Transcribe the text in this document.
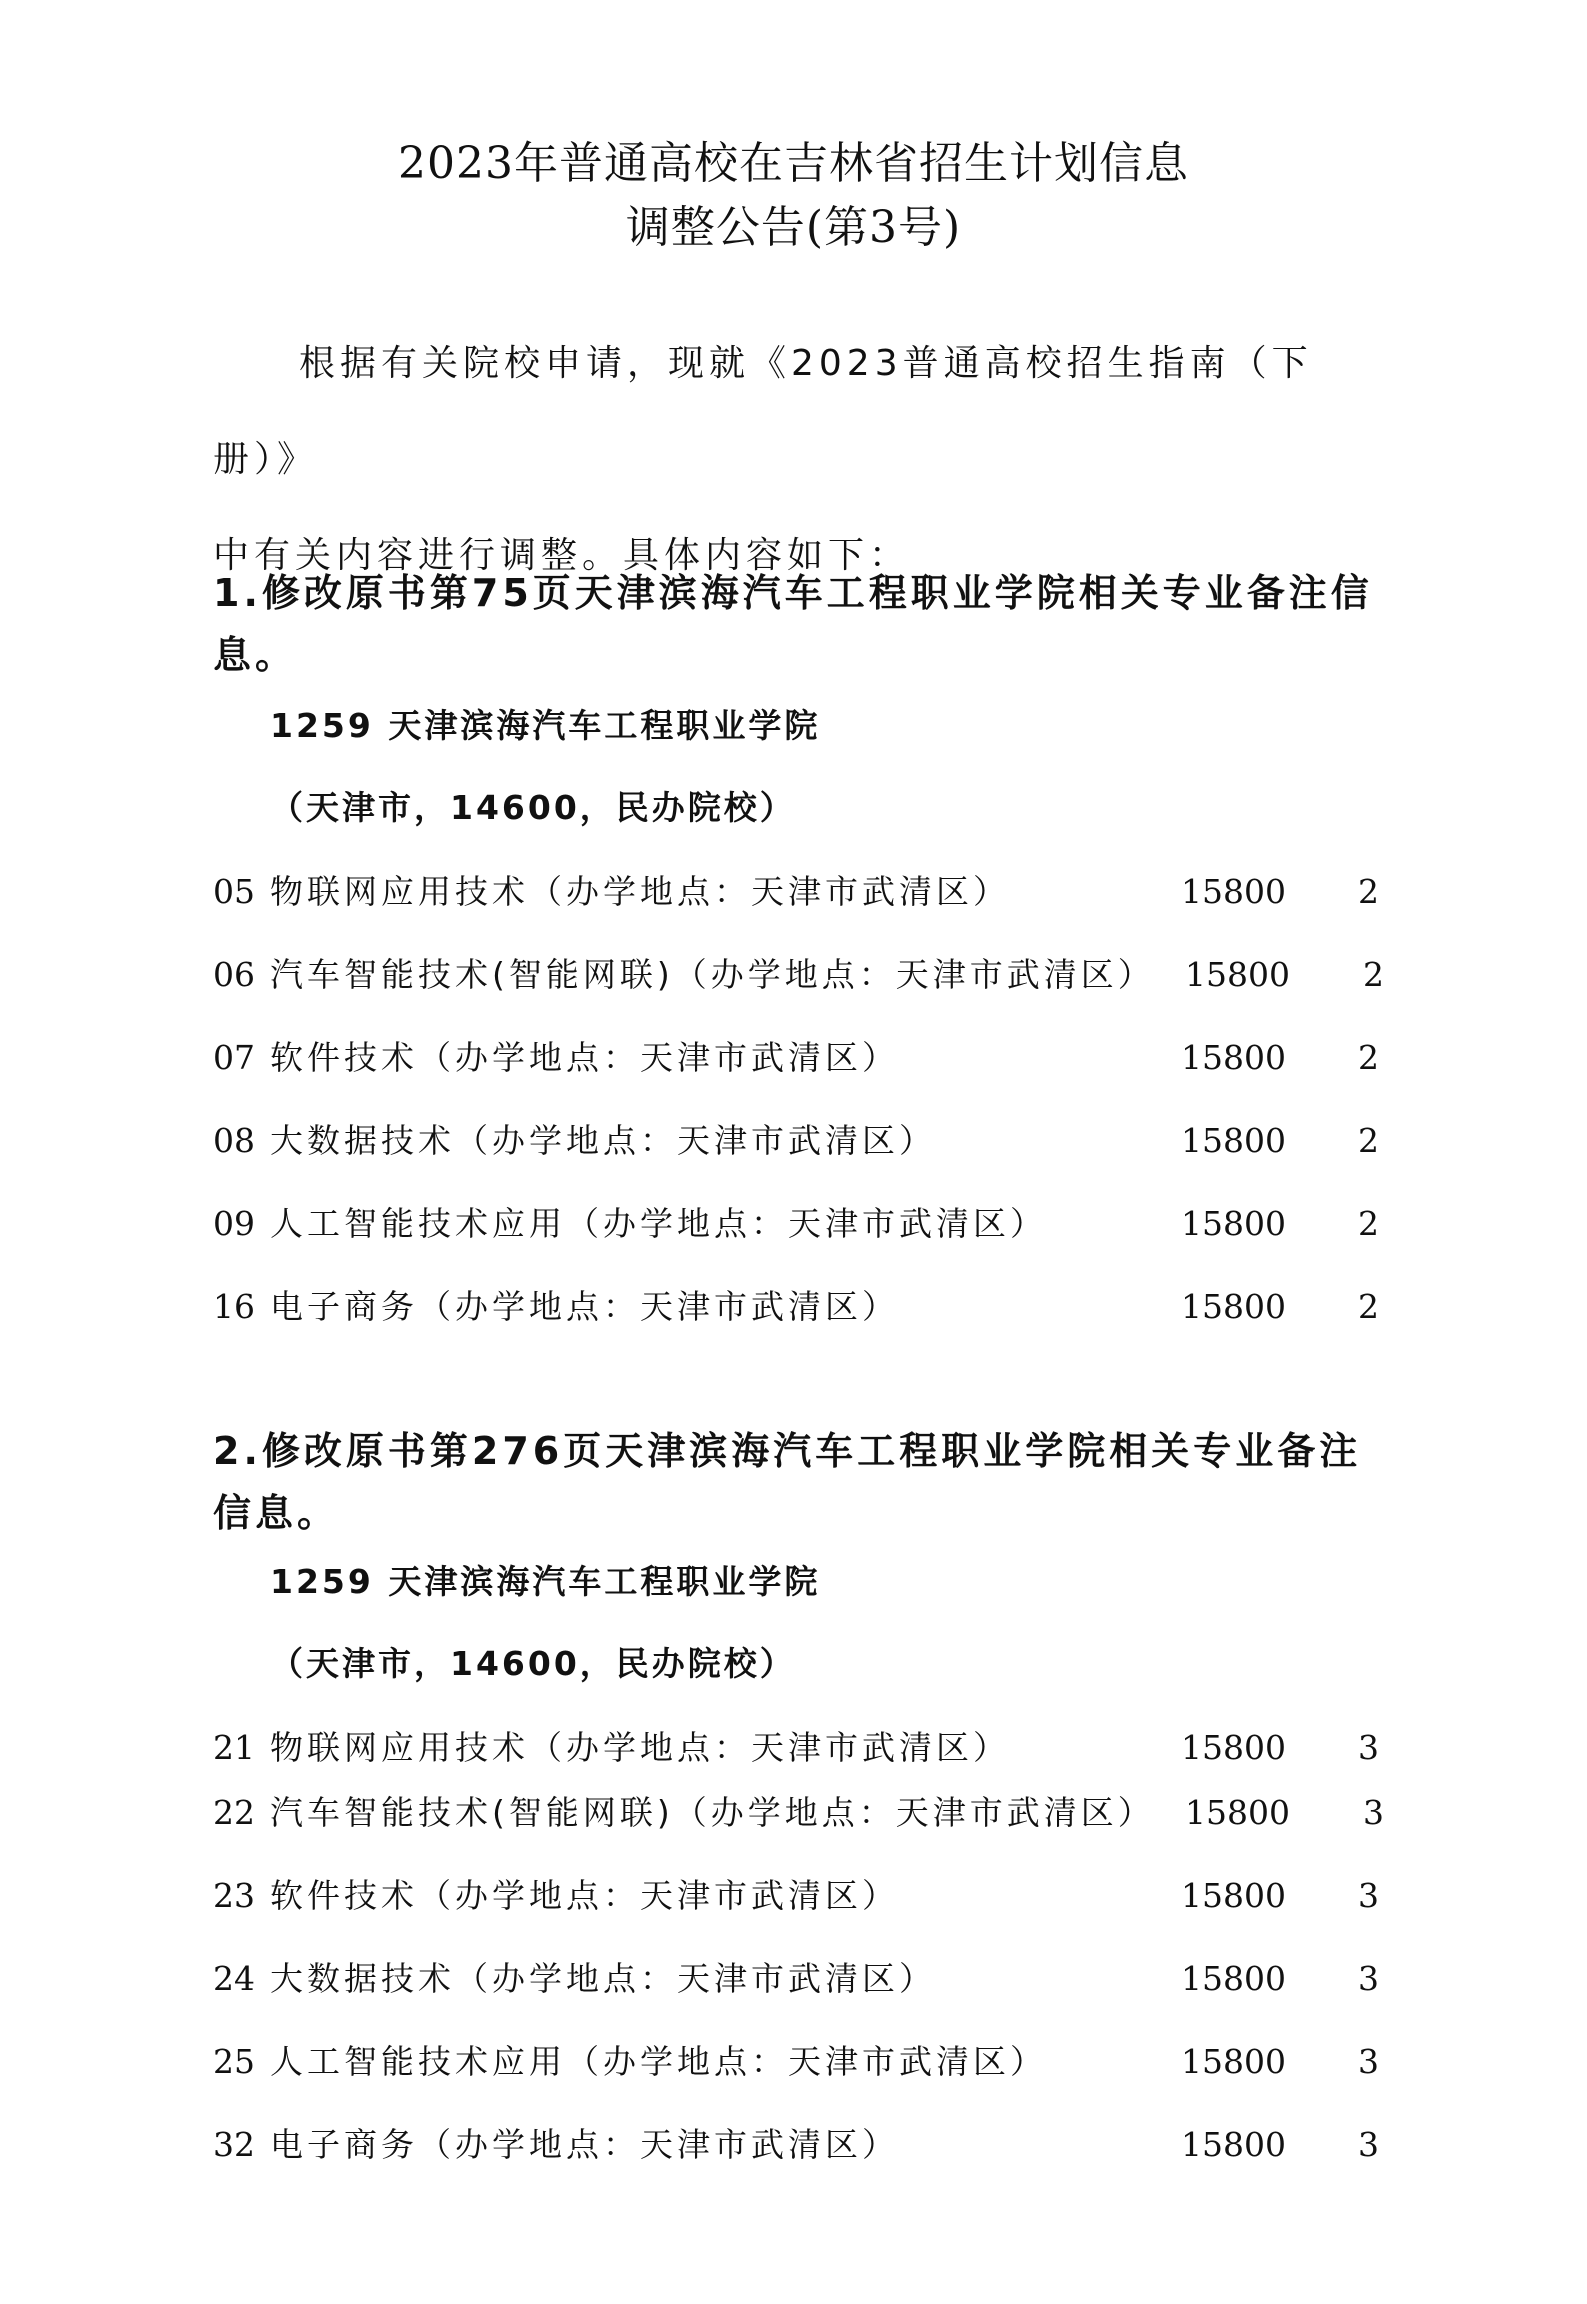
2023年普通高校在吉林省招生计划信息
调整公告(第3号)
根据有关院校申请，现就《2023普通高校招生指南（下册）》
中有关内容进行调整。具体内容如下：
1.修改原书第75页天津滨海汽车工程职业学院相关专业备注信息。
1259 天津滨海汽车工程职业学院
（天津市，14600，民办院校）
05 物联网应用技术（办学地点：天津市武清区）	15800 2
06 汽车智能技术(智能网联)（办学地点：天津市武清区） 15800 2
07 软件技术（办学地点：天津市武清区）	15800 2
08 大数据技术（办学地点：天津市武清区）	15800 2
09 人工智能技术应用（办学地点：天津市武清区）	15800 2
16 电子商务（办学地点：天津市武清区）	15800 2
2.修改原书第276页天津滨海汽车工程职业学院相关专业备注信息。
1259 天津滨海汽车工程职业学院
（天津市，14600，民办院校）
21 物联网应用技术（办学地点：天津市武清区）	15800 3
22 汽车智能技术(智能网联)（办学地点：天津市武清区） 15800 3
23 软件技术（办学地点：天津市武清区）	15800 3
24 大数据技术（办学地点：天津市武清区）	15800 3
25 人工智能技术应用（办学地点：天津市武清区）	15800 3
32 电子商务（办学地点：天津市武清区）	15800 3
